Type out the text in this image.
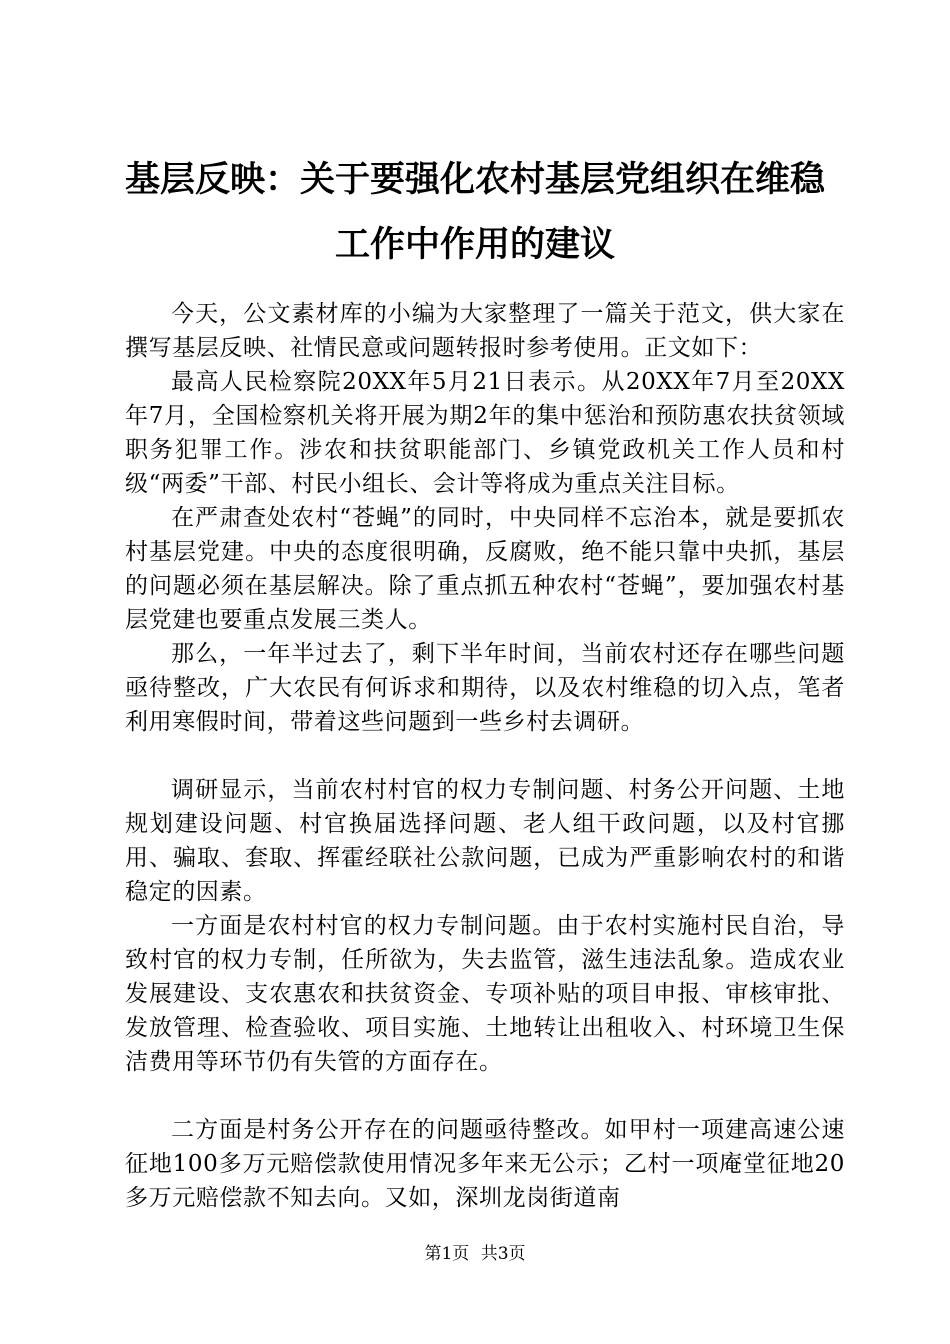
基层反映：关于要强化农村基层党组织在维稳
工作中作用的建议

今天，公文素材库的小编为大家整理了一篇关于范文，供大家在撰写基层反映、社情民意或问题转报时参考使用。正文如下：

最高人民检察院20XX年5月21日表示。从20XX年7月至20XX年7月，全国检察机关将开展为期2年的集中惩治和预防惠农扶贫领域职务犯罪工作。涉农和扶贫职能部门、乡镇党政机关工作人员和村级“两委”干部、村民小组长、会计等将成为重点关注目标。

在严肃查处农村“苍蝇”的同时，中央同样不忘治本，就是要抓农村基层党建。中央的态度很明确，反腐败，绝不能只靠中央抓，基层的问题必须在基层解决。除了重点抓五种农村“苍蝇”，要加强农村基层党建也要重点发展三类人。

那么，一年半过去了，剩下半年时间，当前农村还存在哪些问题亟待整改，广大农民有何诉求和期待，以及农村维稳的切入点，笔者利用寒假时间，带着这些问题到一些乡村去调研。

调研显示，当前农村村官的权力专制问题、村务公开问题、土地规划建设问题、村官换届选择问题、老人组干政问题，以及村官挪用、骗取、套取、挥霍经联社公款问题，已成为严重影响农村的和谐稳定的因素。

一方面是农村村官的权力专制问题。由于农村实施村民自治，导致村官的权力专制，任所欲为，失去监管，滋生违法乱象。造成农业发展建设、支农惠农和扶贫资金、专项补贴的项目申报、审核审批、发放管理、检查验收、项目实施、土地转让出租收入、村环境卫生保洁费用等环节仍有失管的方面存在。

二方面是村务公开存在的问题亟待整改。如甲村一项建高速公速征地100多万元赔偿款使用情况多年来无公示；乙村一项庵堂征地20多万元赔偿款不知去向。又如，深圳龙岗街道南

第1页 共3页
